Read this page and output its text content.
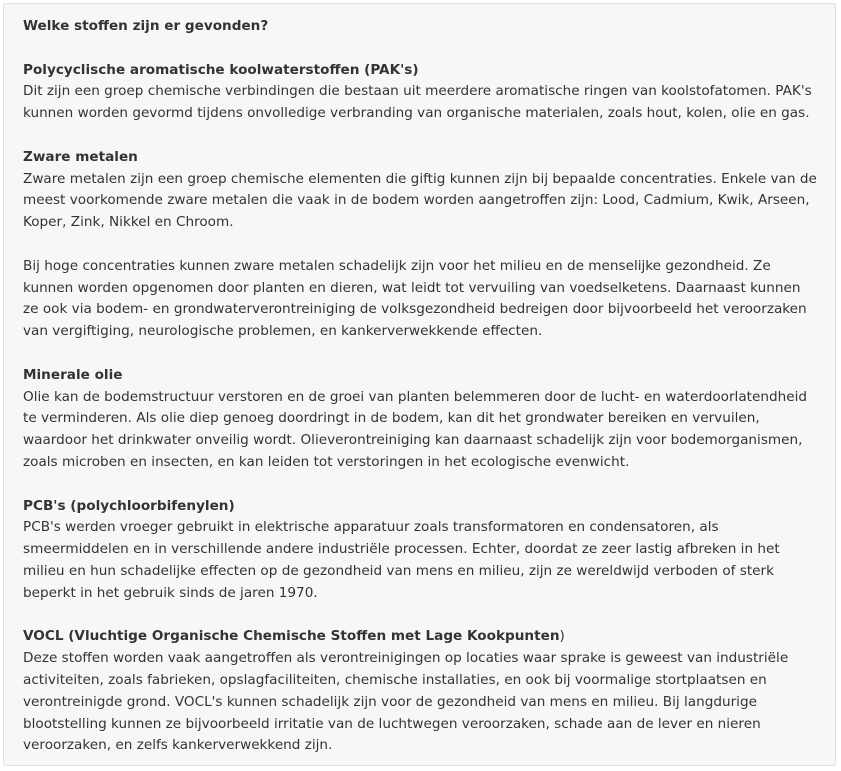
Welke stoffen zijn er gevonden?
Polycyclische aromatische koolwaterstoffen (PAK's)

Dit zijn een groep chemische verbindingen die bestaan uit meerdere aromatische ringen van koolstofatomen. PAK's kunnen worden gevormd tijdens onvolledige verbranding van organische materialen, zoals hout, kolen, olie en gas.

Zware metalen

Zware metalen zijn een groep chemische elementen die giftig kunnen zijn bij bepaalde concentraties. Enkele van de meest voorkomende zware metalen die vaak in de bodem worden aangetroffen zijn: Lood, Cadmium, Kwik, Arseen, Koper, Zink, Nikkel en Chroom.

Bij hoge concentraties kunnen zware metalen schadelijk zijn voor het milieu en de menselijke gezondheid. Ze kunnen worden opgenomen door planten en dieren, wat leidt tot vervuiling van voedselketens. Daarnaast kunnen ze ook via bodem- en grondwaterverontreiniging de volksgezondheid bedreigen door bijvoorbeeld het veroorzaken van vergiftiging, neurologische problemen, en kankerverwekkende effecten.

Minerale olie

Olie kan de bodemstructuur verstoren en de groei van planten belemmeren door de lucht- en waterdoorlatendheid te verminderen. Als olie diep genoeg doordringt in de bodem, kan dit het grondwater bereiken en vervuilen, waardoor het drinkwater onveilig wordt. Olieverontreiniging kan daarnaast schadelijk zijn voor bodemorganismen, zoals microben en insecten, en kan leiden tot verstoringen in het ecologische evenwicht.

PCB's (polychloorbifenylen)

PCB's werden vroeger gebruikt in elektrische apparatuur zoals transformatoren en condensatoren, als smeermiddelen en in verschillende andere industriële processen. Echter, doordat ze zeer lastig afbreken in het milieu en hun schadelijke effecten op de gezondheid van mens en milieu, zijn ze wereldwijd verboden of sterk beperkt in het gebruik sinds de jaren 1970.

VOCL (Vluchtige Organische Chemische Stoffen met Lage Kookpunten)

Deze stoffen worden vaak aangetroffen als verontreinigingen op locaties waar sprake is geweest van industriële activiteiten, zoals fabrieken, opslagfaciliteiten, chemische installaties, en ook bij voormalige stortplaatsen en verontreinigde grond. VOCL's kunnen schadelijk zijn voor de gezondheid van mens en milieu. Bij langdurige blootstelling kunnen ze bijvoorbeeld irritatie van de luchtwegen veroorzaken, schade aan de lever en nieren veroorzaken, en zelfs kankerverwekkend zijn.
